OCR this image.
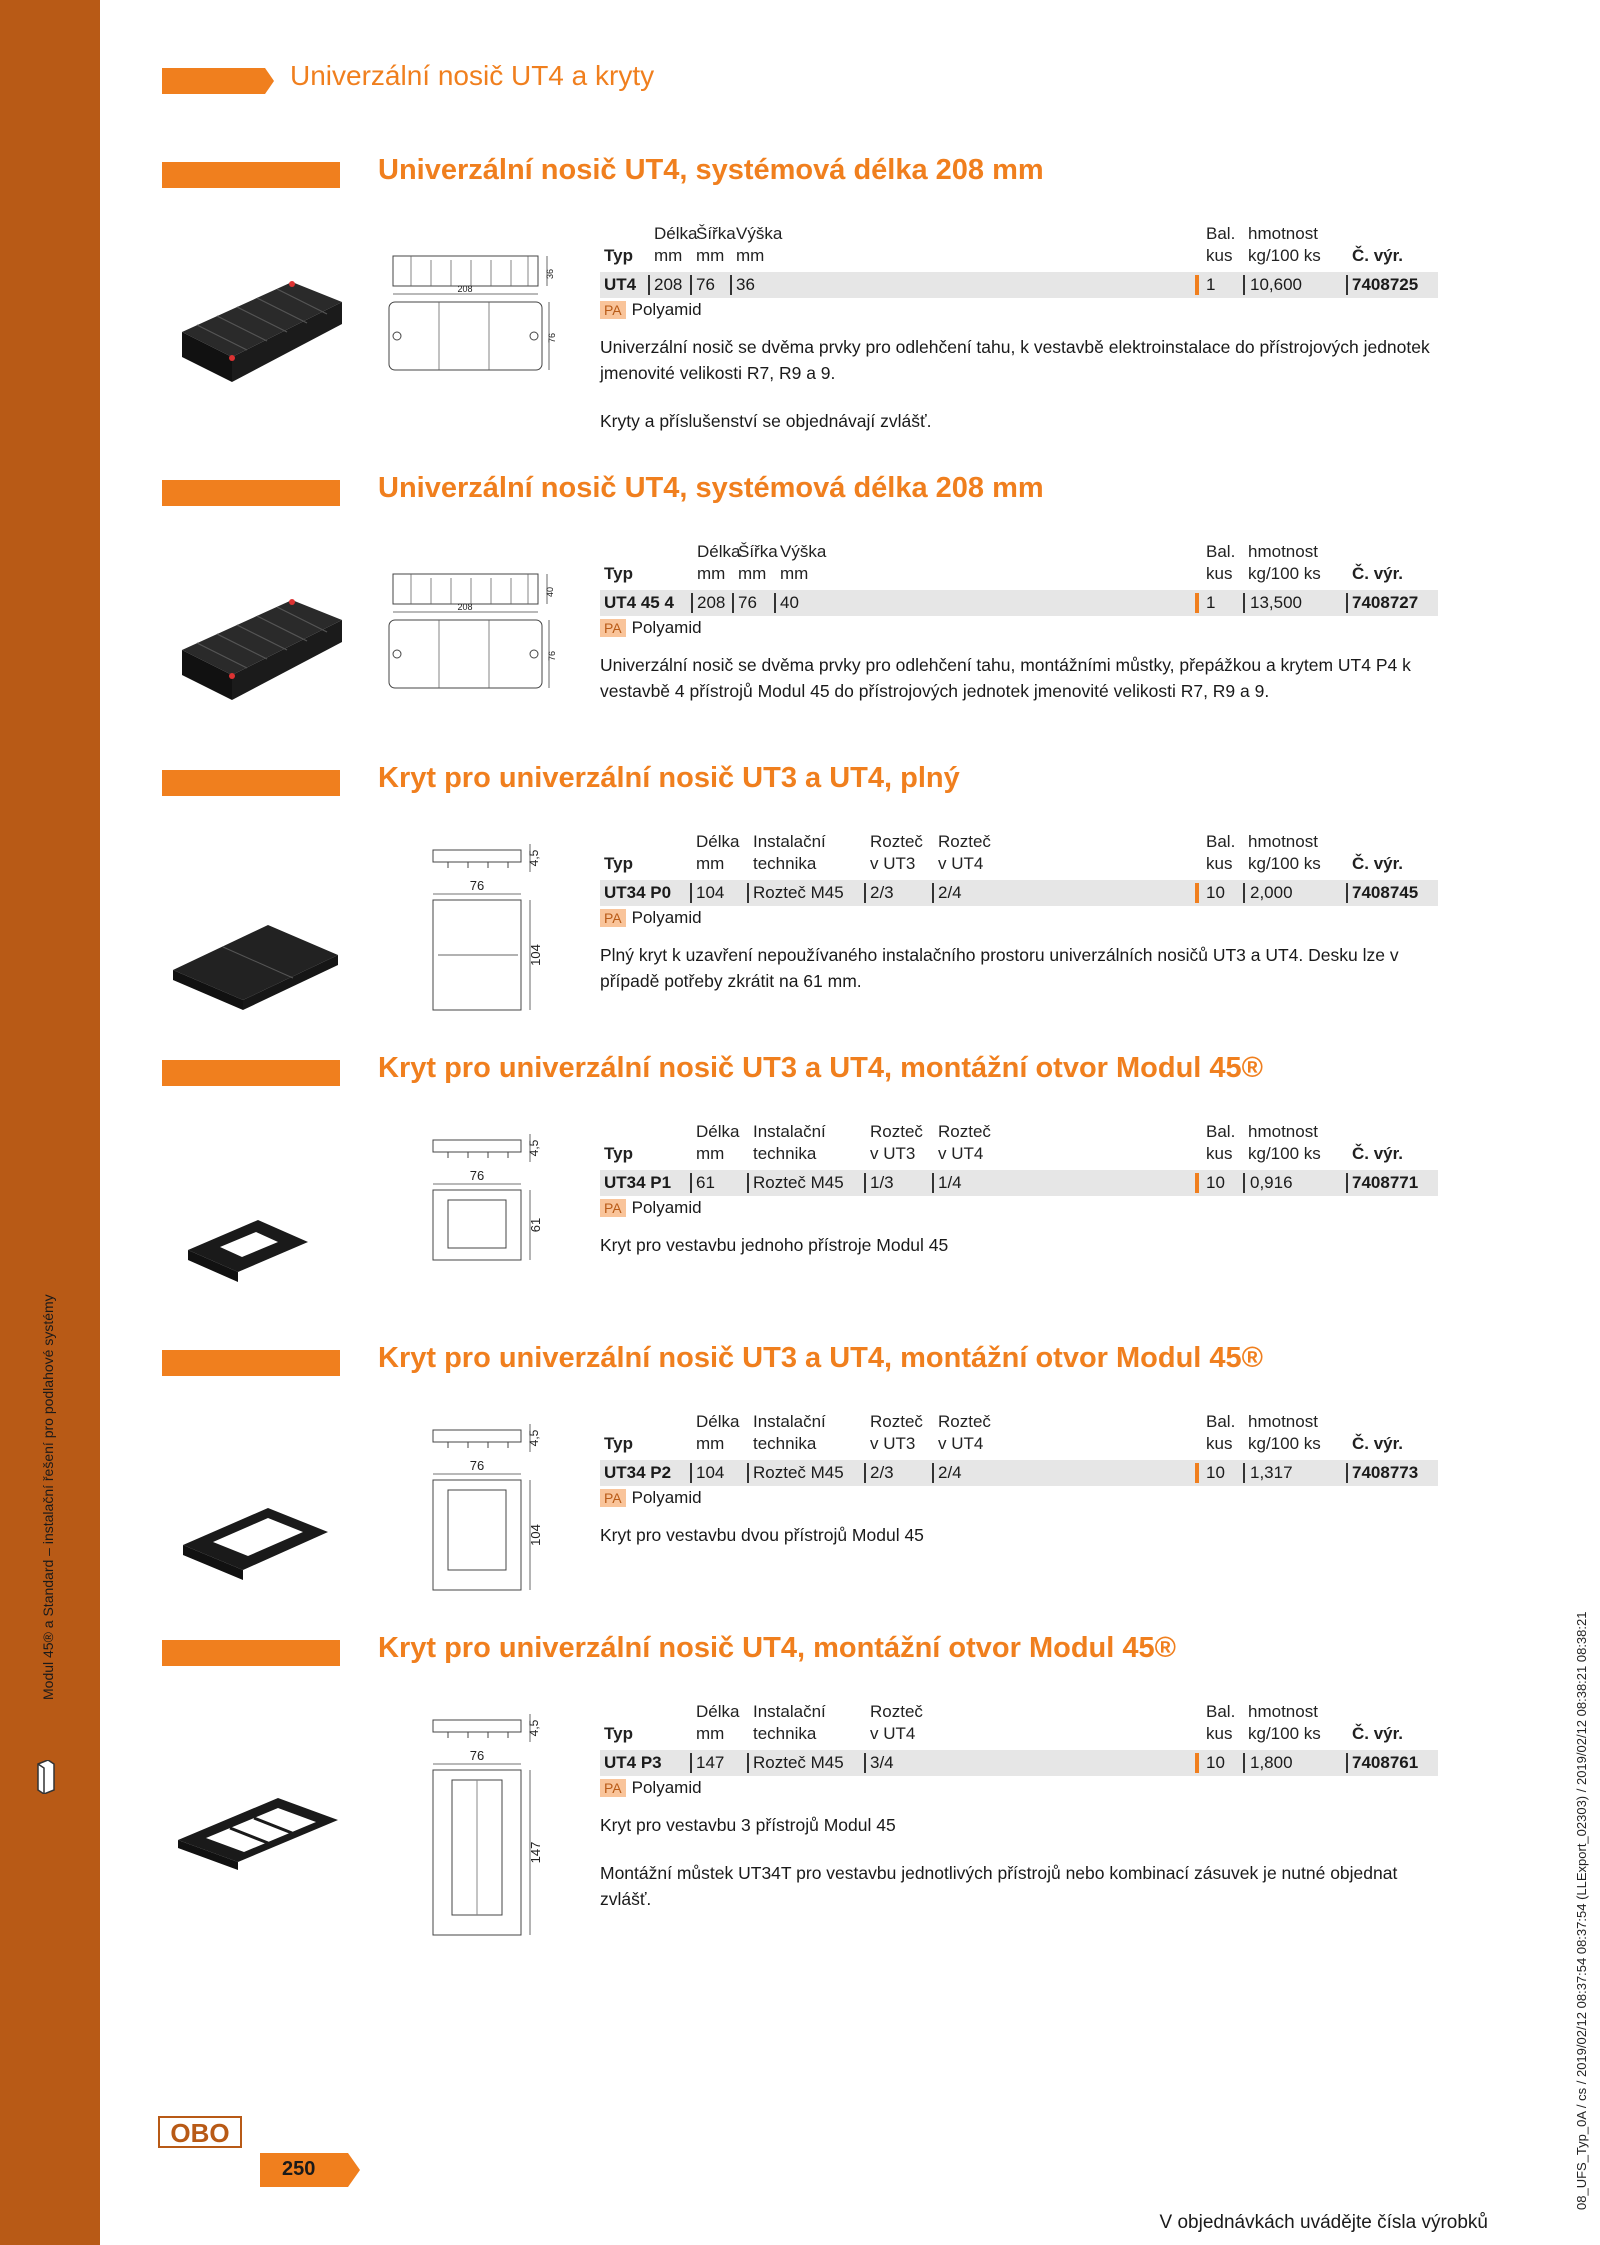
Modul 45® a Standard – instalační řešení pro podlahové systémy
Univerzální nosič UT4 a kryty
Univerzální nosič UT4, systémová délka 208 mm
36
208
76
Délka
Šířka Výška	Bal. hmotnost
Typ mm mm mm	kus kg/100 ks Č. výr.
UT4 208 76 36	1 10,600	7408725
PA Polyamid
Univerzální nosič se dvěma prvky pro odlehčení tahu, k vestavbě elektroinstalace do přístrojových jednotek jmenovité velikosti R7, R9 a 9.
Kryty a příslušenství se objednávají zvlášť.
Univerzální nosič UT4, systémová délka 208 mm
40
208
76
Délka
Šířka Výška	Bal. hmotnost
Typ	mm mm mm	kus kg/100 ks Č. výr.
UT4 45 4 208 76 40	1 13,500	7408727
PA Polyamid
Univerzální nosič se dvěma prvky pro odlehčení tahu, montážními můstky, přepážkou a krytem UT4 P4 k vestavbě 4 přístrojů Modul 45 do přístrojových jednotek jmenovité velikosti R7, R9 a 9.
Kryt pro univerzální nosič UT3 a UT4, plný
4,5
76
104
Délka Instalační	Rozteč Rozteč	Bal. hmotnost
Typ	mm technika	v UT3 v UT4	kus kg/100 ks Č. výr.
UT34 P0 104 Rozteč M45 2/3	2/4	10 2,000	7408745
PA Polyamid
Plný kryt k uzavření nepoužívaného instalačního prostoru univerzálních nosičů UT3 a UT4. Desku lze v případě potřeby zkrátit na 61 mm.
Kryt pro univerzální nosič UT3 a UT4, montážní otvor Modul 45®
4,5
76
61
Délka Instalační	Rozteč Rozteč	Bal. hmotnost
Typ	mm technika	v UT3 v UT4	kus kg/100 ks Č. výr.
UT34 P1 61 Rozteč M45 1/3	1/4	10 0,916	7408771
PA Polyamid
Kryt pro vestavbu jednoho přístroje Modul 45
Kryt pro univerzální nosič UT3 a UT4, montážní otvor Modul 45®
4,5
76
104
Délka Instalační	Rozteč Rozteč	Bal. hmotnost
Typ	mm technika	v UT3 v UT4	kus kg/100 ks Č. výr.
UT34 P2 104 Rozteč M45 2/3	2/4	10 1,317	7408773
PA Polyamid
Kryt pro vestavbu dvou přístrojů Modul 45
Kryt pro univerzální nosič UT4, montážní otvor Modul 45®
4,5
76
147
Délka Instalační	Rozteč	Bal. hmotnost
Typ	mm technika	v UT4	kus kg/100 ks Č. výr.
UT4 P3 147 Rozteč M45 3/4	10 1,800	7408761
PA Polyamid
Kryt pro vestavbu 3 přístrojů Modul 45
Montážní můstek UT34T pro vestavbu jednotlivých přístrojů nebo kombinací zásuvek je nutné objednat zvlášť.
OBO
250
V objednávkách uvádějte čísla výrobků
08_UFS_Typ_0A / cs / 2019/02/12 08:37:54 08:37:54 (LLExport_02303) / 2019/02/12 08:38:21 08:38:21
